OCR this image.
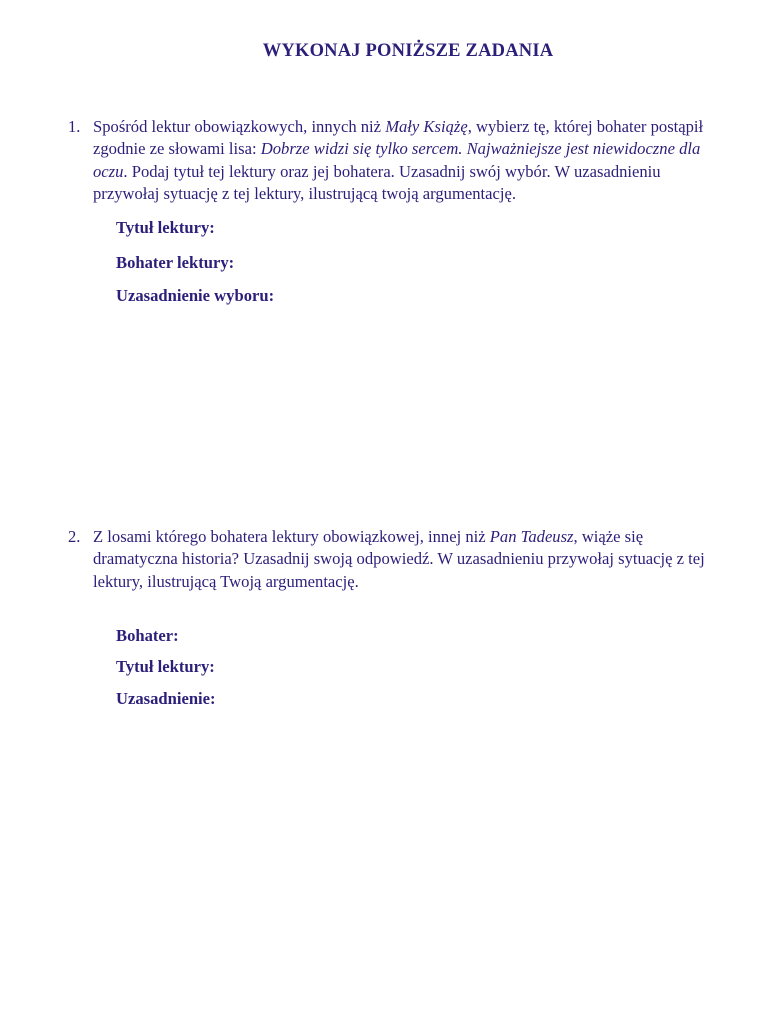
WYKONAJ PONIŻSZE ZADANIA
1. Spośród lektur obowiązkowych, innych niż Mały Książę, wybierz tę, której bohater postąpił zgodnie ze słowami lisa: Dobrze widzi się tylko sercem. Najważniejsze jest niewidoczne dla oczu. Podaj tytuł tej lektury oraz jej bohatera. Uzasadnij swój wybór. W uzasadnieniu przywołaj sytuację z tej lektury, ilustrującą twoją argumentację.
Tytuł lektury:
Bohater lektury:
Uzasadnienie wyboru:
2. Z losami którego bohatera lektury obowiązkowej, innej niż Pan Tadeusz, wiąże się dramatyczna historia? Uzasadnij swoją odpowiedź. W uzasadnieniu przywołaj sytuację z tej lektury, ilustrującą Twoją argumentację.
Bohater:
Tytuł lektury:
Uzasadnienie:
